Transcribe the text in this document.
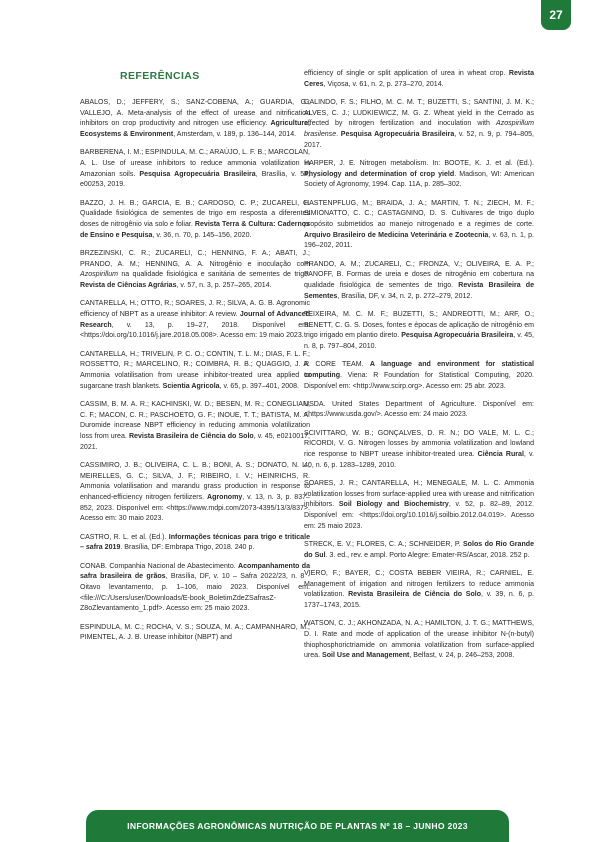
27
REFERÊNCIAS
ABALOS, D.; JEFFERY, S.; SANZ-COBENA, A.; GUARDIA, G.; VALLEJO, A. Meta-analysis of the effect of urease and nitrification inhibitors on crop productivity and nitrogen use efficiency. Agriculture, Ecosystems & Environment, Amsterdam, v. 189, p. 136–144, 2014.
BARBERENA, I. M.; ESPINDULA, M. C.; ARAÚJO, L. F. B.; MARCOLAN, A. L. Use of urease inhibitors to reduce ammonia volatilization in Amazonian soils. Pesquisa Agropecuária Brasileira, Brasília, v. 54, e00253, 2019.
BAZZO, J. H. B.; GARCIA, E. B.; CARDOSO, C. P.; ZUCARELI, C. Qualidade fisiológica de sementes de trigo em resposta a diferentes doses de nitrogênio via solo e foliar. Revista Terra & Cultura: Cadernos de Ensino e Pesquisa, v. 36, n. 70, p. 145–156, 2020.
BRZEZINSKI, C. R.; ZUCARELI, C.; HENNING, F. A.; ABATI, J.; PRANDO, A. M.; HENNING, A. A. Nitrogênio e inoculação com Azospirillum na qualidade fisiológica e sanitária de sementes de trigo. Revista de Ciências Agrárias, v. 57, n. 3, p. 257–265, 2014.
CANTARELLA, H.; OTTO, R.; SOARES, J. R.; SILVA, A. G. B. Agronomic efficiency of NBPT as a urease inhibitor: A review. Journal of Advanced Research, v. 13, p. 19–27, 2018. Disponível em: <https://doi.org/10.1016/j.jare.2018.05.008>. Acesso em: 19 maio 2023.
CANTARELLA, H.; TRIVELIN, P. C. O.; CONTIN, T. L. M.; DIAS, F. L. F.; ROSSETTO, R.; MARCELINO, R.; COIMBRA, R. B.; QUAGGIO, J. A. Ammonia volatilisation from urease inhibitor-treated urea applied to sugarcane trash blankets. Scientia Agricola, v. 65, p. 397–401, 2008.
CASSIM, B. M. A. R.; KACHINSKI, W. D.; BESEN, M. R.; CONEGLIAN, C. F.; MACON, C. R.; PASCHOETO, G. F.; INOUE, T. T.; BATISTA, M. A. Duromide increase NBPT efficiency in reducing ammonia volatilization loss from urea. Revista Brasileira de Ciência do Solo, v. 45, e0210017, 2021.
CASSIMIRO, J. B.; OLIVEIRA, C. L. B.; BONI, A. S.; DONATO, N. L.; MEIRELLES, G. C.; SILVA, J. F.; RIBEIRO, I. V.; HEINRICHS, R. Ammonia volatilisation and marandu grass production in response to enhanced-efficiency nitrogen fertilizers. Agronomy, v. 13, n. 3, p. 837–852, 2023. Disponível em: <https://www.mdpi.com/2073-4395/13/3/837>. Acesso em: 30 maio 2023.
CASTRO, R. L. et al. (Ed.). Informações técnicas para trigo e triticale – safra 2019. Brasília, DF: Embrapa Trigo, 2018. 240 p.
CONAB. Companhia Nacional de Abastecimento. Acompanhamento da safra brasileira de grãos, Brasília, DF, v. 10 – Safra 2022/23, n. 8 - Oitavo levantamento, p. 1–106, maio 2023. Disponível em: <file:///C:/Users/user/Downloads/E-book_BoletimZdeZSafrasZ-Z8oZlevantamento_1.pdf>. Acesso em: 25 maio 2023.
ESPINDULA, M. C.; ROCHA, V. S.; SOUZA, M. A.; CAMPANHARO, M.; PIMENTEL, A. J. B. Urease inhibitor (NBPT) and
efficiency of single or split application of urea in wheat crop. Revista Ceres, Viçosa, v. 61, n. 2, p. 273–270, 2014.
GALINDO, F. S.; FILHO, M. C. M. T.; BUZETTI, S.; SANTINI, J. M. K.; ALVES, C. J.; LUDKIEWICZ, M. G. Z. Wheat yield in the Cerrado as affected by nitrogen fertilization and inoculation with Azospirillum brasilense. Pesquisa Agropecuária Brasileira, v. 52, n. 9, p. 794–805, 2017.
HARPER, J. E. Nitrogen metabolism. In: BOOTE, K. J. et al. (Ed.). Physiology and determination of crop yield. Madison, WI: American Society of Agronomy, 1994. Cap. 11A, p. 285–302.
HASTENPFLUG, M.; BRAIDA, J. A.; MARTIN, T. N.; ZIECH, M. F.; SIMIONATTO, C. C.; CASTAGNINO, D. S. Cultivares de trigo duplo propósito submetidos ao manejo nitrogenado e a regimes de corte. Arquivo Brasileiro de Medicina Veterinária e Zootecnia, v. 63, n. 1, p. 196–202, 2011.
PRANDO, A. M.; ZUCARELI, C.; FRONZA, V.; OLIVEIRA, E. A. P.; PANOFF, B. Formas de ureia e doses de nitrogênio em cobertura na qualidade fisiológica de sementes de trigo. Revista Brasileira de Sementes, Brasília, DF, v. 34, n. 2, p. 272–279, 2012.
TEIXEIRA, M. C. M. F.; BUZETTI, S.; ANDREOTTI, M.; ARF, O.; BENETT, C. G. S. Doses, fontes e épocas de aplicação de nitrogênio em trigo irrigado em plantio direto. Pesquisa Agropecuária Brasileira, v. 45, n. 8, p. 797–804, 2010.
R CORE TEAM. A language and environment for statistical computing. Viena: R Foundation for Statistical Computing, 2020. Disponível em: <http://www.scirp.org>. Acesso em: 25 abr. 2023.
USDA. United States Department of Agriculture. Disponível em: <https://www.usda.gov/>. Acesso em: 24 maio 2023.
SCIVITTARO, W. B.; GONÇALVES, D. R. N.; DO VALE, M. L. C.; RICORDI, V. G. Nitrogen losses by ammonia volatilization and lowland rice response to NBPT urease inhibitor-treated urea. Ciência Rural, v. 40, n. 6, p. 1283–1289, 2010.
SOARES, J. R.; CANTARELLA, H.; MENEGALE, M. L. C. Ammonia volatilization losses from surface-applied urea with urease and nitrification inhibitors. Soil Biology and Biochemistry, v. 52, p. 82–89, 2012. Disponível em: <https://doi.org/10.1016/j.soilbio.2012.04.019>. Acesso em: 25 maio 2023.
STRECK, E. V.; FLORES, C. A.; SCHNEIDER, P. Solos do Rio Grande do Sul. 3. ed., rev. e ampl. Porto Alegre: Emater-RS/Ascar, 2018. 252 p.
VIERO, F.; BAYER, C.; COSTA BEBER VIEIRA, R.; CARNIEL, E. Management of irrigation and nitrogen fertilizers to reduce ammonia volatilization. Revista Brasileira de Ciência do Solo, v. 39, n. 6, p. 1737–1743, 2015.
WATSON, C. J.; AKHONZADA, N. A.; HAMILTON, J. T. G.; MATTHEWS, D. I. Rate and mode of application of the urease inhibitor N-(n-butyl) thiophosphorictriamide on ammonia volatilization from surface-applied urea. Soil Use and Management, Belfast, v. 24, p. 246–253, 2008.
INFORMAÇÕES AGRONÔMICAS NUTRIÇÃO DE PLANTAS Nº 18 – JUNHO 2023
